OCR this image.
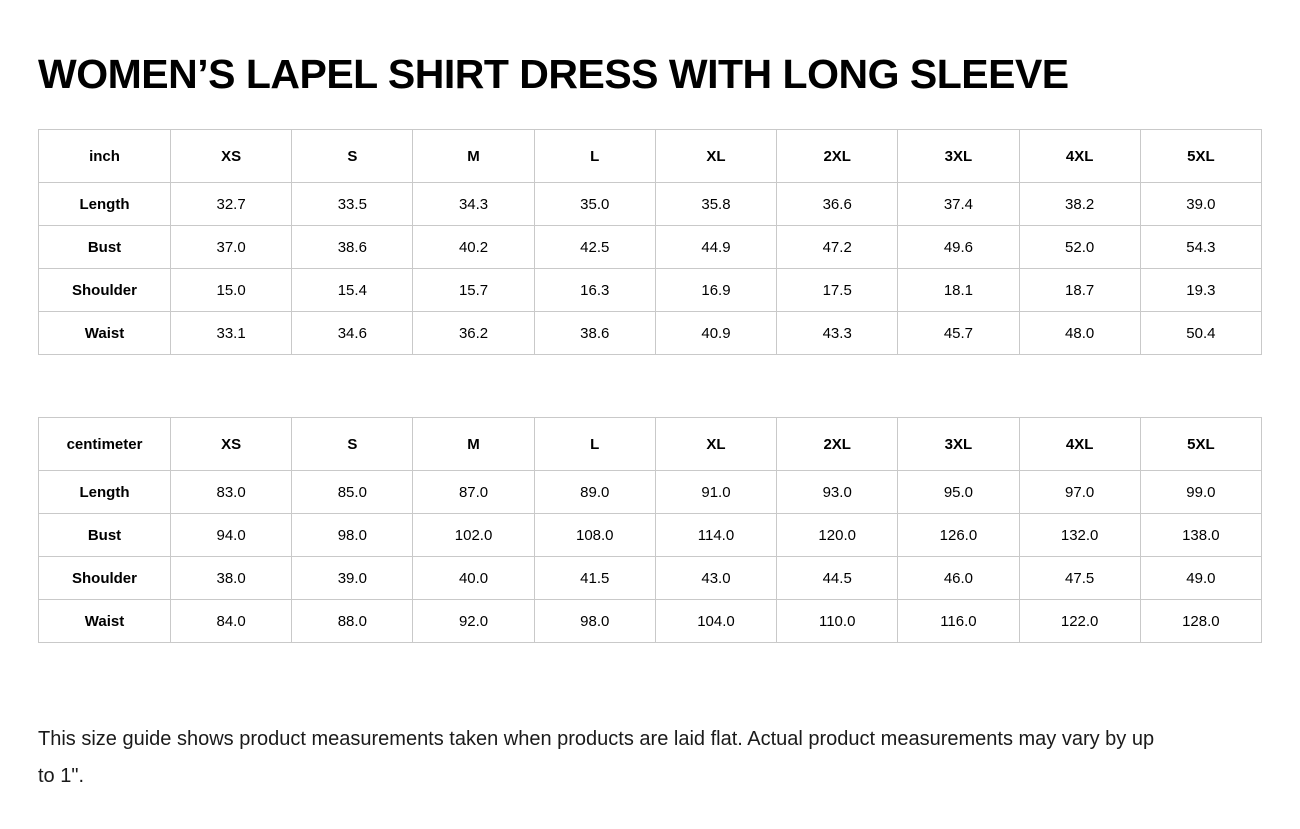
WOMEN’S LAPEL SHIRT DRESS WITH LONG SLEEVE
inch	XS	S	M	L	XL	2XL	3XL	4XL	5XL
Length	32.7	33.5	34.3	35.0	35.8	36.6	37.4	38.2	39.0
Bust	37.0	38.6	40.2	42.5	44.9	47.2	49.6	52.0	54.3
Shoulder	15.0	15.4	15.7	16.3	16.9	17.5	18.1	18.7	19.3
Waist	33.1	34.6	36.2	38.6	40.9	43.3	45.7	48.0	50.4
centimeter	XS	S	M	L	XL	2XL	3XL	4XL	5XL
Length	83.0	85.0	87.0	89.0	91.0	93.0	95.0	97.0	99.0
Bust	94.0	98.0	102.0	108.0	114.0	120.0	126.0	132.0	138.0
Shoulder	38.0	39.0	40.0	41.5	43.0	44.5	46.0	47.5	49.0
Waist	84.0	88.0	92.0	98.0	104.0	110.0	116.0	122.0	128.0

This size guide shows product measurements taken when products are laid flat. Actual product measurements may vary by up to 1".
